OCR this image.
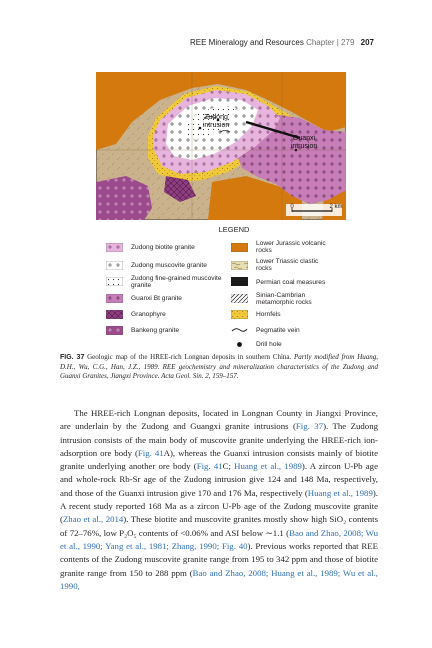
REE Mineralogy and Resources Chapter | 279 207
Zudong
intrusion
Guanxi
intrusion
0	2 km
LEGEND
Zudong biotite granite
Zudong muscovite granite
Zudong fine-grained muscovite granite
Guanxi Bt granite
Granophyre
Bankeng granite
Lower Jurassic volcanic rocks
Lower Triassic clastic rocks
Permian coal measures
Sinian-Cambrian metamorphic rocks
Hornfels
Pegmatite vein
Drill hole
FIG. 37 Geologic map of the HREE-rich Longnan deposits in southern China. Partly modified from Huang, D.H., Wu, C.G., Han, J.Z., 1989. REE geochemistry and mineralization characteristics of the Zudong and Guanxi Granites, Jiangxi Province. Acta Geol. Sin. 2, 159–157.
The HREE-rich Longnan deposits, located in Longnan County in Jiangxi Province, are underlain by the Zudong and Guangxi granite intrusions (Fig. 37). The Zudong intrusion consists of the main body of muscovite granite underlying the HREE-rich ion-adsorption ore body (Fig. 41A), whereas the Guanxi intrusion consists mainly of biotite granite underlying another ore body (Fig. 41C; Huang et al., 1989). A zircon U-Pb age and whole-rock Rb-Sr age of the Zudong intrusion give 124 and 148 Ma, respectively, and those of the Guanxi intrusion give 170 and 176 Ma, respectively (Huang et al., 1989). A recent study reported 168 Ma as a zircon U-Pb age of the Zudong muscovite granite (Zhao et al., 2014). These biotite and muscovite granites mostly show high SiO₂ contents of 72–76%, low P₂O₅ contents of <0.06% and ASI below ∼1.1 (Bao and Zhao, 2008; Wu et al., 1990; Yang et al., 1981; Zhang, 1990; Fig. 40). Previous works reported that REE contents of the Zudong muscovite granite range from 195 to 342 ppm and those of biotite granite range from 150 to 288 ppm (Bao and Zhao, 2008; Huang et al., 1989; Wu et al., 1990,
